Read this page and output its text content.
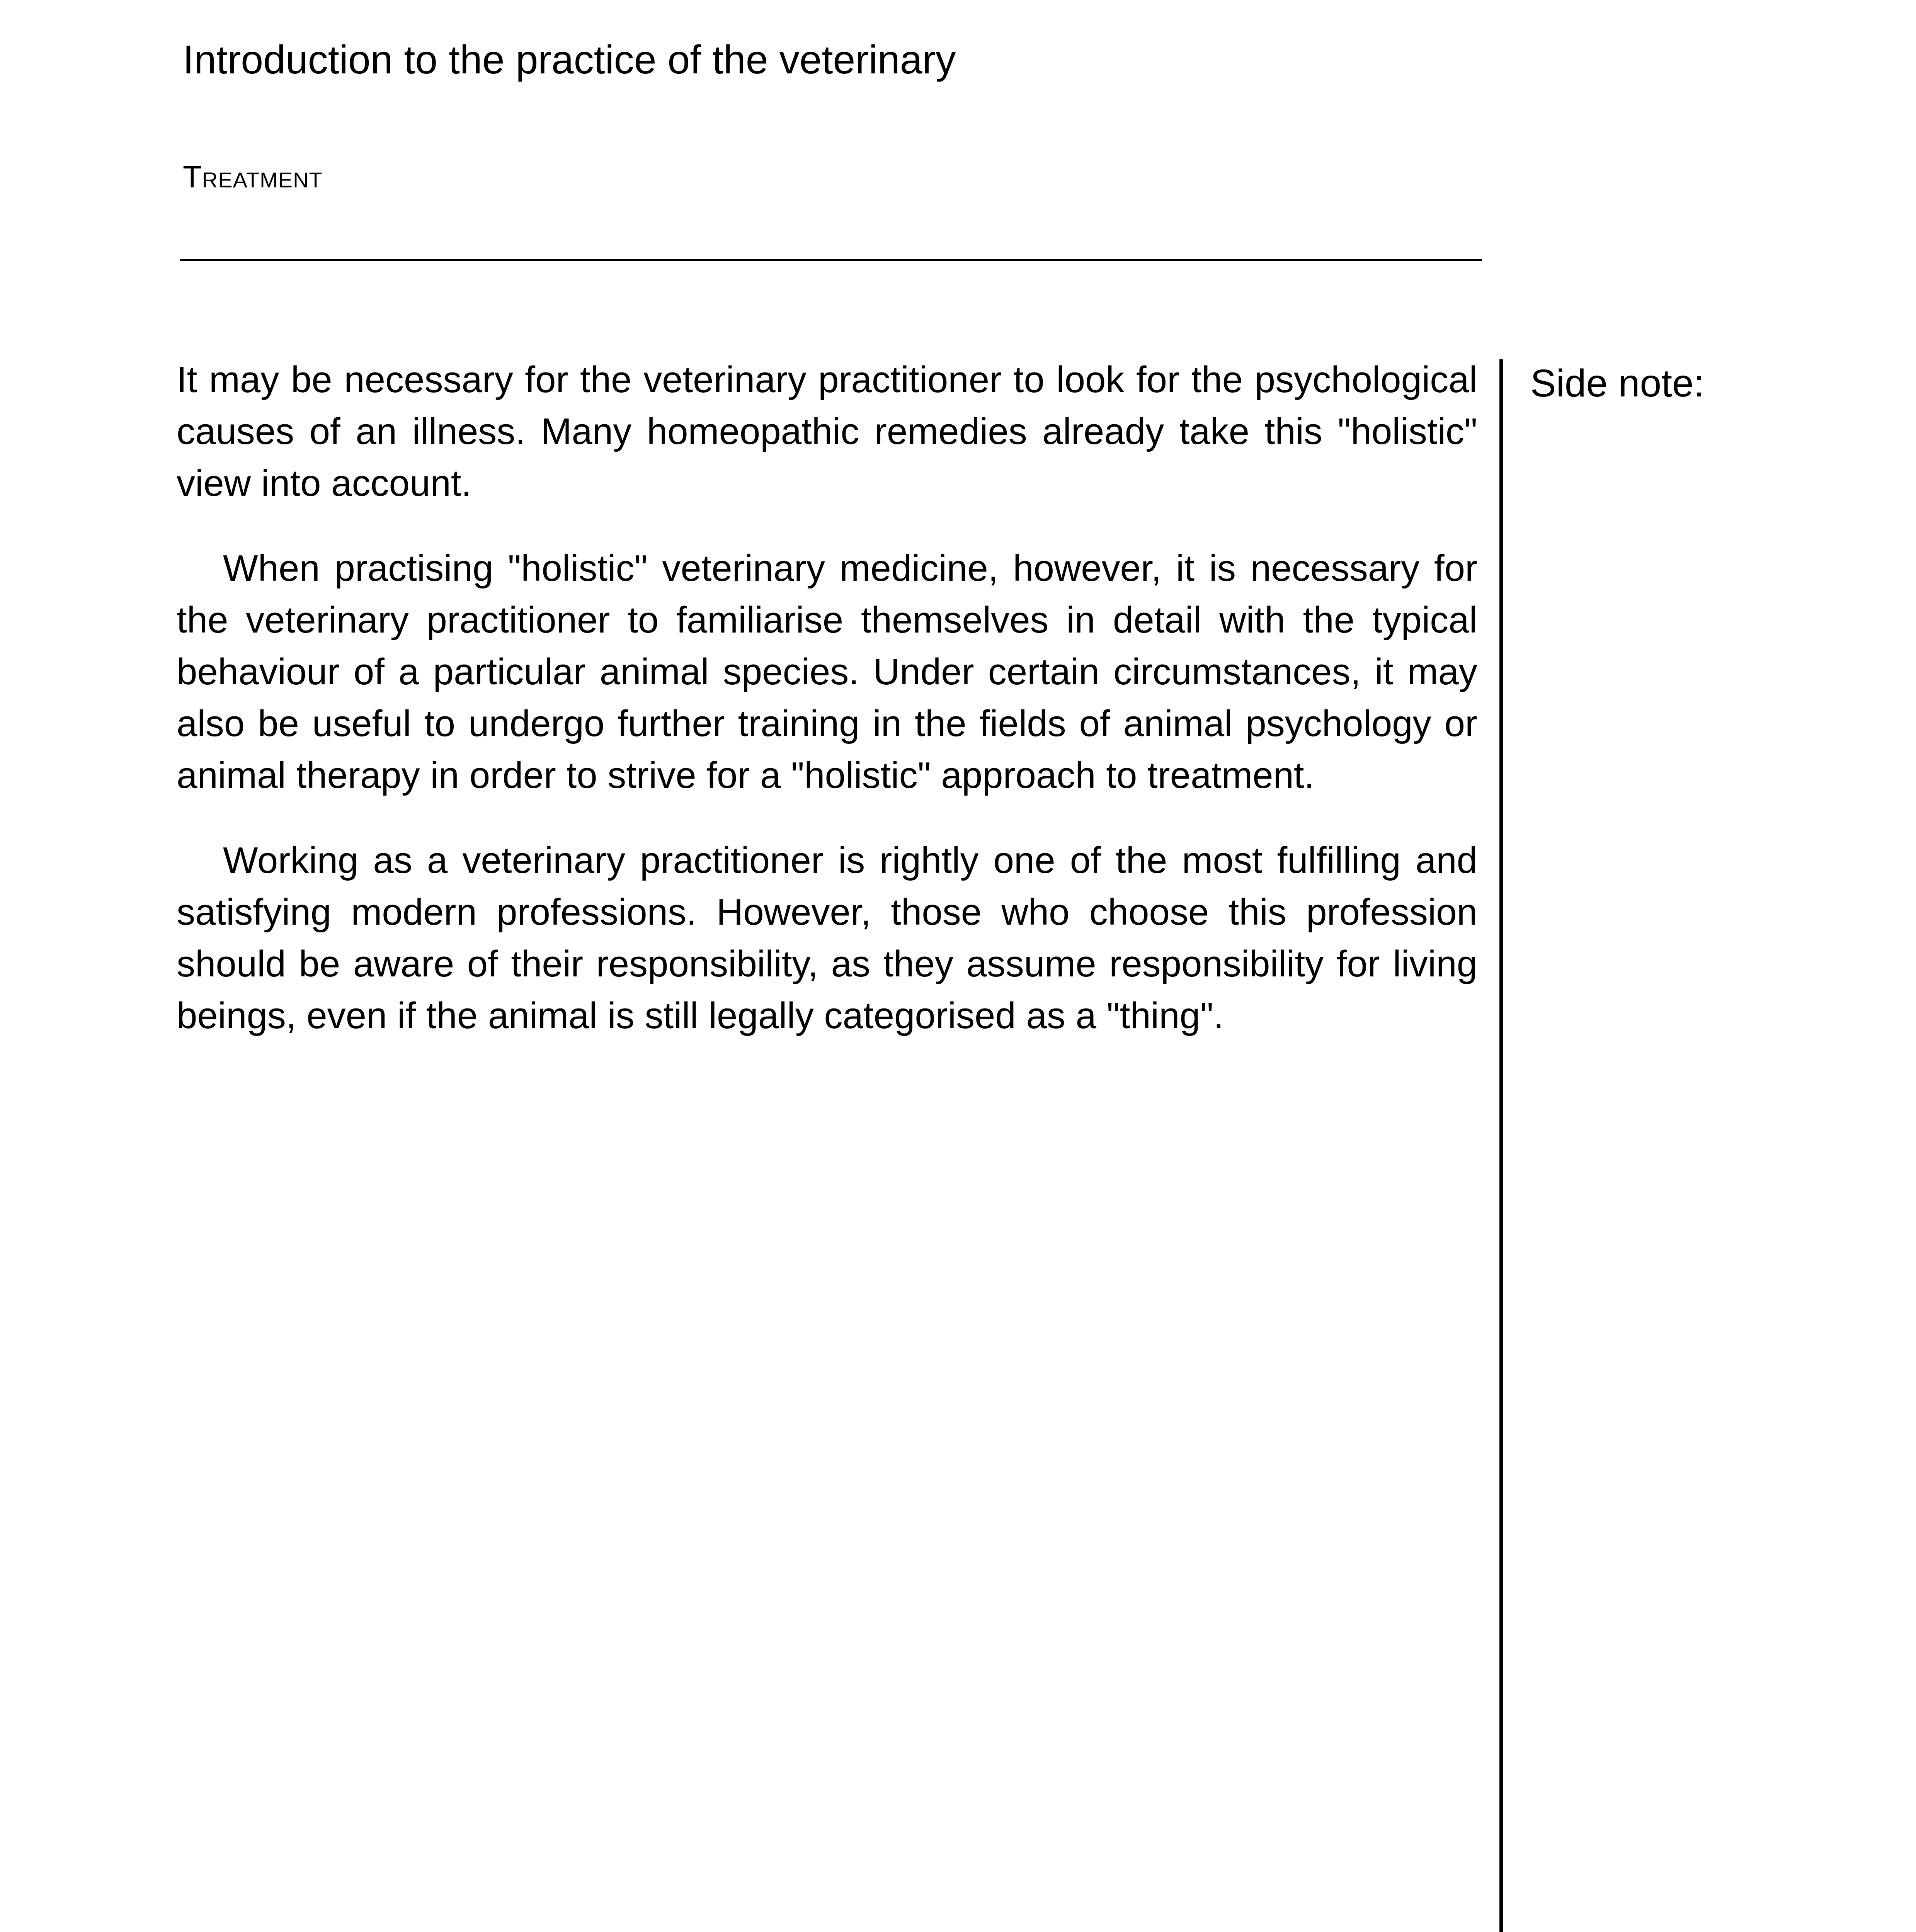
Introduction to the practice of the veterinary
Treatment

It may be necessary for the veterinary practitioner to look for the psychological causes of an illness. Many homeopathic remedies already take this "holistic" view into account.

When practising "holistic" veterinary medicine, however, it is necessary for the veterinary practitioner to familiarise themselves in detail with the typical behaviour of a particular animal species. Under certain circumstances, it may also be useful to undergo further training in the fields of animal psychology or animal therapy in order to strive for a "holistic" approach to treatment.

Working as a veterinary practitioner is rightly one of the most fulfilling and satisfying modern professions. However, those who choose this profession should be aware of their responsibility, as they assume responsibility for living beings, even if the animal is still legally categorised as a "thing".

Side note:
